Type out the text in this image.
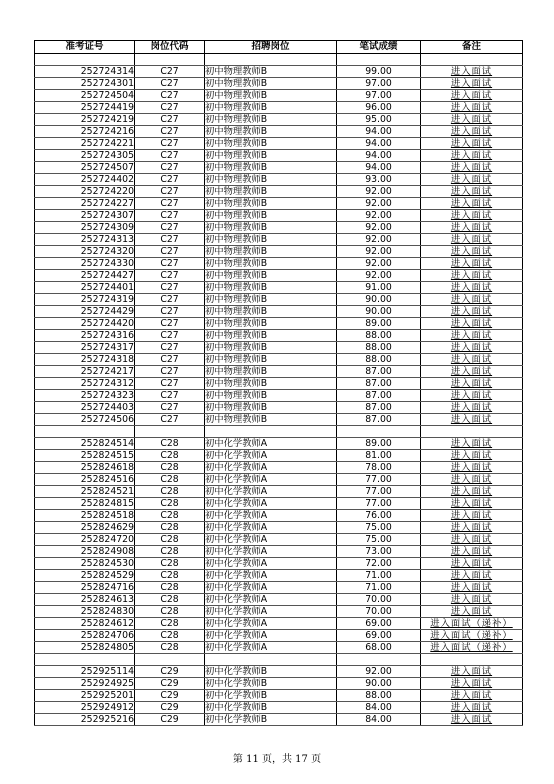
准考证号	岗位代码	招聘岗位	笔试成绩	备注

252724314	C27	初中物理教师B	99.00	进入面试
252724301	C27	初中物理教师B	97.00	进入面试
252724504	C27	初中物理教师B	97.00	进入面试
252724419	C27	初中物理教师B	96.00	进入面试
252724219	C27	初中物理教师B	95.00	进入面试
252724216	C27	初中物理教师B	94.00	进入面试
252724221	C27	初中物理教师B	94.00	进入面试
252724305	C27	初中物理教师B	94.00	进入面试
252724507	C27	初中物理教师B	94.00	进入面试
252724402	C27	初中物理教师B	93.00	进入面试
252724220	C27	初中物理教师B	92.00	进入面试
252724227	C27	初中物理教师B	92.00	进入面试
252724307	C27	初中物理教师B	92.00	进入面试
252724309	C27	初中物理教师B	92.00	进入面试
252724313	C27	初中物理教师B	92.00	进入面试
252724320	C27	初中物理教师B	92.00	进入面试
252724330	C27	初中物理教师B	92.00	进入面试
252724427	C27	初中物理教师B	92.00	进入面试
252724401	C27	初中物理教师B	91.00	进入面试
252724319	C27	初中物理教师B	90.00	进入面试
252724429	C27	初中物理教师B	90.00	进入面试
252724420	C27	初中物理教师B	89.00	进入面试
252724316	C27	初中物理教师B	88.00	进入面试
252724317	C27	初中物理教师B	88.00	进入面试
252724318	C27	初中物理教师B	88.00	进入面试
252724217	C27	初中物理教师B	87.00	进入面试
252724312	C27	初中物理教师B	87.00	进入面试
252724323	C27	初中物理教师B	87.00	进入面试
252724403	C27	初中物理教师B	87.00	进入面试
252724506	C27	初中物理教师B	87.00	进入面试

252824514	C28	初中化学教师A	89.00	进入面试
252824515	C28	初中化学教师A	81.00	进入面试
252824618	C28	初中化学教师A	78.00	进入面试
252824516	C28	初中化学教师A	77.00	进入面试
252824521	C28	初中化学教师A	77.00	进入面试
252824815	C28	初中化学教师A	77.00	进入面试
252824518	C28	初中化学教师A	76.00	进入面试
252824629	C28	初中化学教师A	75.00	进入面试
252824720	C28	初中化学教师A	75.00	进入面试
252824908	C28	初中化学教师A	73.00	进入面试
252824530	C28	初中化学教师A	72.00	进入面试
252824529	C28	初中化学教师A	71.00	进入面试
252824716	C28	初中化学教师A	71.00	进入面试
252824613	C28	初中化学教师A	70.00	进入面试
252824830	C28	初中化学教师A	70.00	进入面试
252824612	C28	初中化学教师A	69.00	进入面试（递补）
252824706	C28	初中化学教师A	69.00	进入面试（递补）
252824805	C28	初中化学教师A	68.00	进入面试（递补）

252925114	C29	初中化学教师B	92.00	进入面试
252924925	C29	初中化学教师B	90.00	进入面试
252925201	C29	初中化学教师B	88.00	进入面试
252924912	C29	初中化学教师B	84.00	进入面试
252925216	C29	初中化学教师B	84.00	进入面试
第 11 页，共 17 页
